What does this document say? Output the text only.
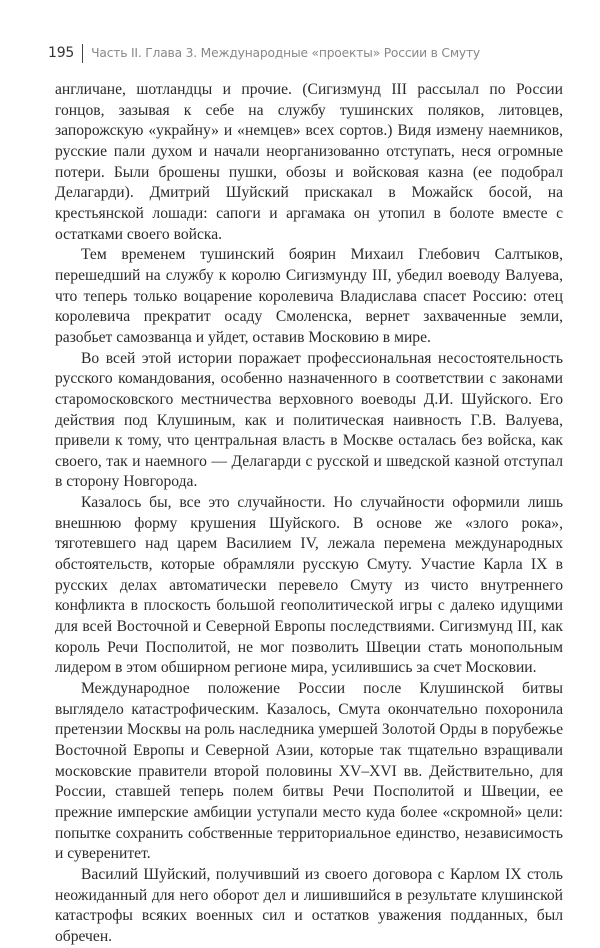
195 Часть II. Глава 3. Международные «проекты» России в Смуту

англичане, шотландцы и прочие. (Сигизмунд III рассылал по России гонцов, зазывая к себе на службу тушинских поляков, литовцев, запорожскую «украйну» и «немцев» всех сортов.) Видя измену наемников, русские пали духом и начали неорганизованно отступать, неся огромные потери. Были брошены пушки, обозы и войсковая казна (ее подобрал Делагарди). Дмитрий Шуйский прискакал в Можайск босой, на крестьянской лошади: сапоги и аргамака он утопил в болоте вместе с остатками своего войска.

Тем временем тушинский боярин Михаил Глебович Салтыков, перешедший на службу к королю Сигизмунду III, убедил воеводу Валуева, что теперь только воцарение королевича Владислава спасет Россию: отец королевича прекратит осаду Смоленска, вернет захваченные земли, разобьет самозванца и уйдет, оставив Московию в мире.

Во всей этой истории поражает профессиональная несостоятельность русского командования, особенно назначенного в соответствии с законами старомосковского местничества верховного воеводы Д.И. Шуйского. Его действия под Клушиным, как и политическая наивность Г.В. Валуева, привели к тому, что центральная власть в Москве осталась без войска, как своего, так и наемного — Делагарди с русской и шведской казной отступал в сторону Новгорода.

Казалось бы, все это случайности. Но случайности оформили лишь внешнюю форму крушения Шуйского. В основе же «злого рока», тяготевшего над царем Василием IV, лежала перемена международных обстоятельств, которые обрамляли русскую Смуту. Участие Карла IX в русских делах автоматически перевело Смуту из чисто внутреннего конфликта в плоскость большой геополитической игры с далеко идущими для всей Восточной и Северной Европы последствиями. Сигизмунд III, как король Речи Посполитой, не мог позволить Швеции стать монопольным лидером в этом обширном регионе мира, усилившись за счет Московии.

Международное положение России после Клушинской битвы выглядело катастрофическим. Казалось, Смута окончательно похоронила претензии Москвы на роль наследника умершей Золотой Орды в порубежье Восточной Европы и Северной Азии, которые так тщательно взращивали московские правители второй половины XV–XVI вв. Действительно, для России, ставшей теперь полем битвы Речи Посполитой и Швеции, ее прежние имперские амбиции уступали место куда более «скромной» цели: попытке сохранить собственные территориальное единство, независимость и суверенитет.

Василий Шуйский, получивший из своего договора с Карлом IX столь неожиданный для него оборот дел и лишившийся в результате клушинской катастрофы всяких военных сил и остатков уважения подданных, был обречен.
